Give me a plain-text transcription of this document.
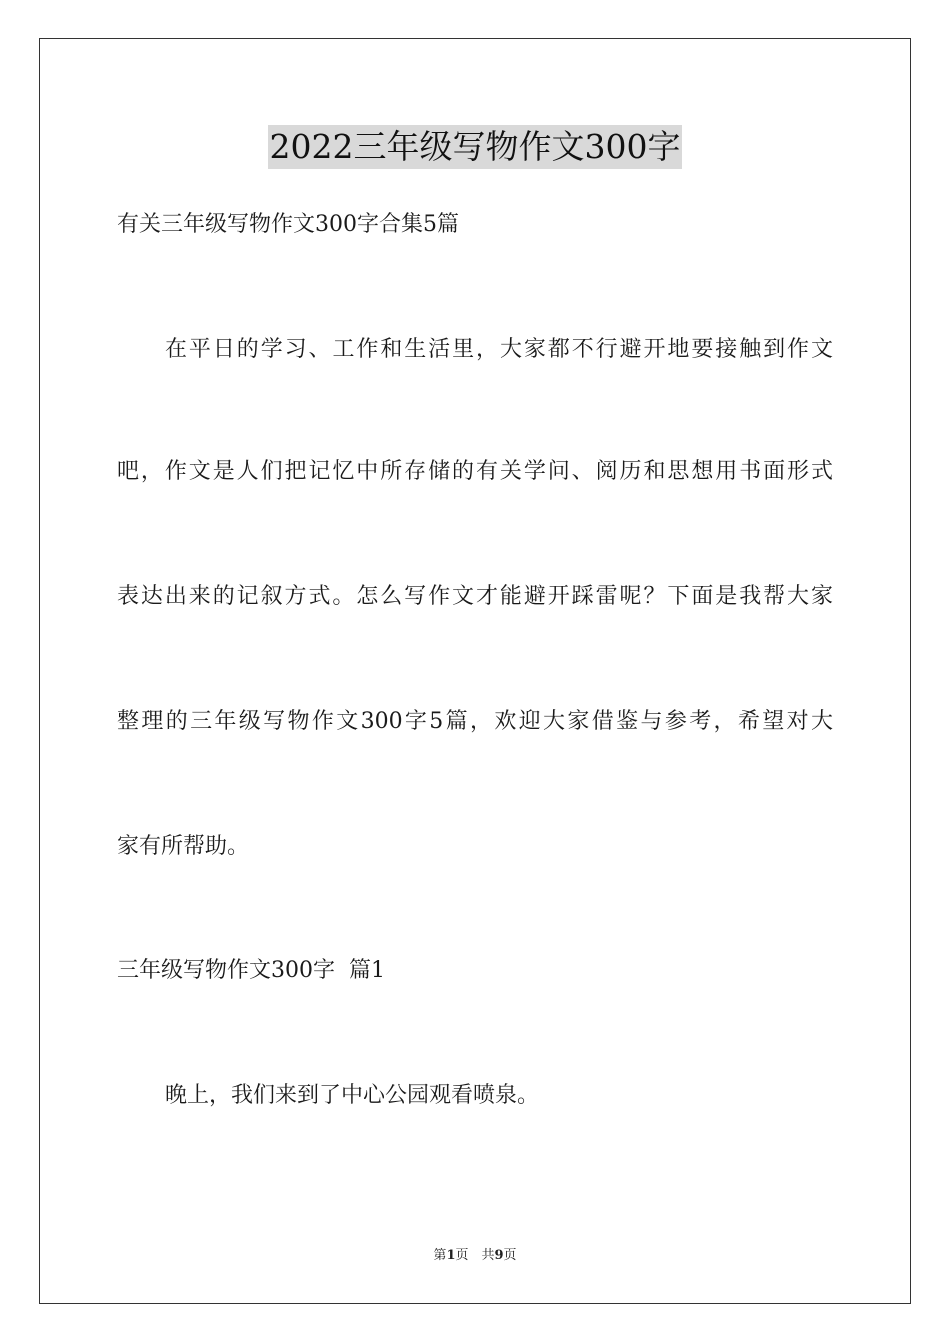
2022三年级写物作文300字
有关三年级写物作文300字合集5篇
在平日的学习、工作和生活里，大家都不行避开地要接触到作文
吧，作文是人们把记忆中所存储的有关学问、阅历和思想用书面形式
表达出来的记叙方式。怎么写作文才能避开踩雷呢？下面是我帮大家
整理的三年级写物作文300字5篇，欢迎大家借鉴与参考，希望对大
家有所帮助。
三年级写物作文300字  篇1
晚上，我们来到了中心公园观看喷泉。
第1页　共9页
